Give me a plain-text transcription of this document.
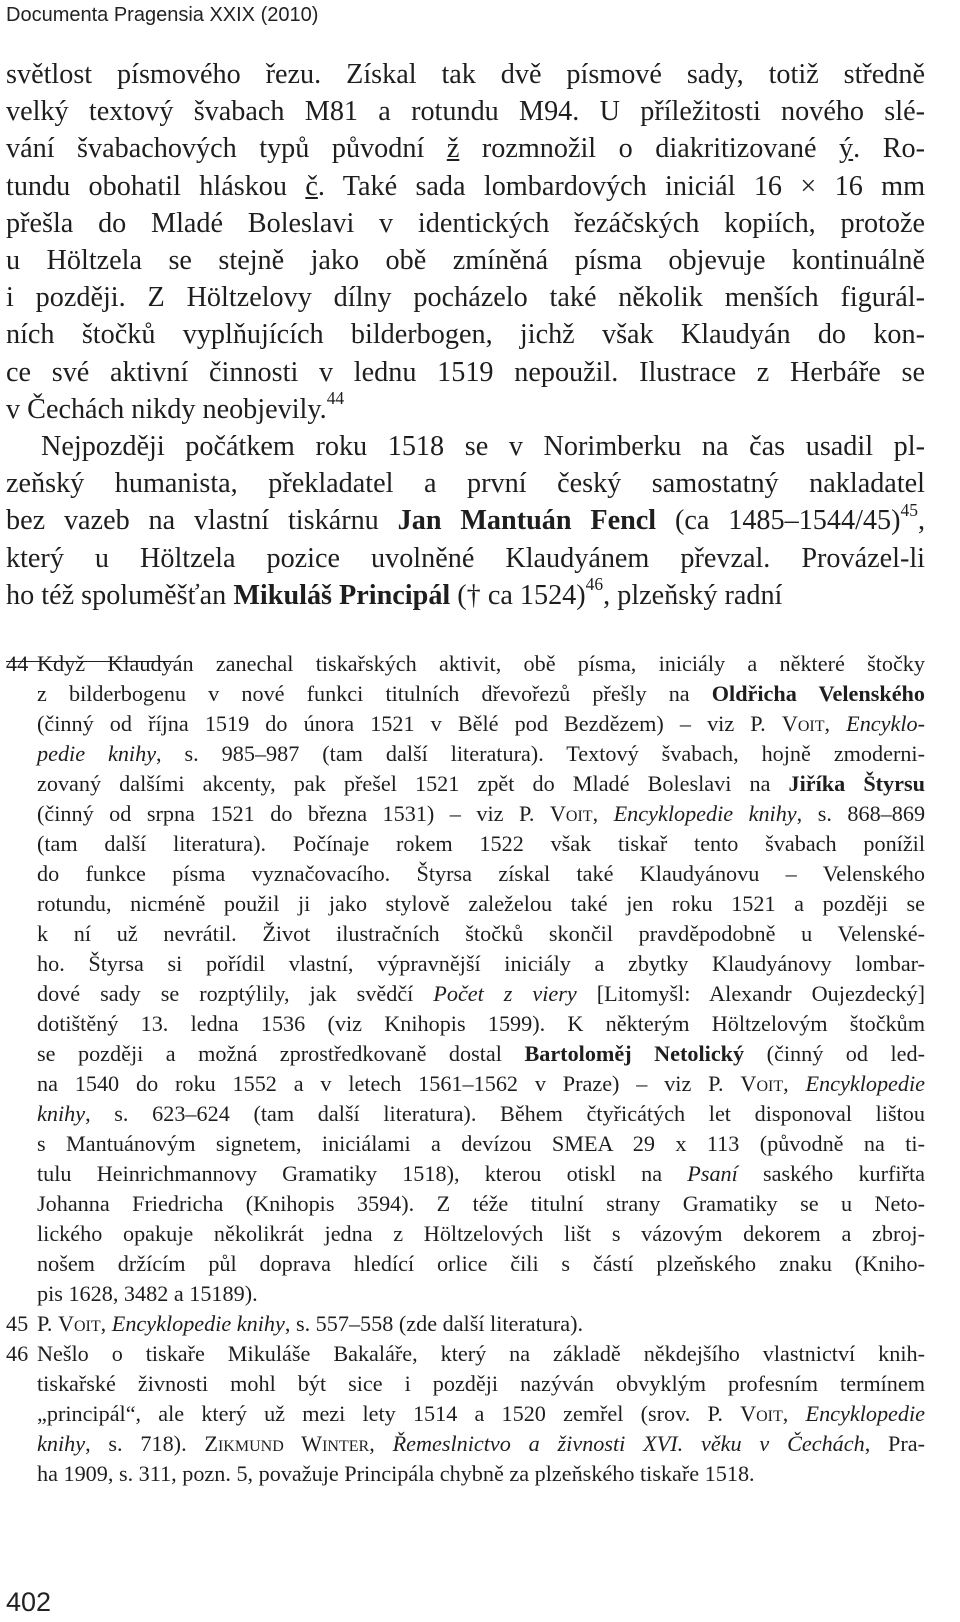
Documenta Pragensia XXIX (2010)
světlost písmového řezu. Získal tak dvě písmové sady, totiž středně
velký textový švabach M81 a rotundu M94. U příležitosti nového slé-
vání švabachových typů původní ž rozmnožil o diakritizované ý. Ro-
tundu obohatil hláskou č. Také sada lombardových iniciál 16 × 16 mm
přešla do Mladé Boleslavi v identických řezáčských kopiích, protože
u Höltzela se stejně jako obě zmíněná písma objevuje kontinuálně
i později. Z Höltzelovy dílny pocházelo také několik menších figurál-
ních štočků vyplňujících bilderbogen, jichž však Klaudyán do kon-
ce své aktivní činnosti v lednu 1519 nepoužil. Ilustrace z Herbáře se
v Čechách nikdy neobjevily.$^{44}$
Nejpozději počátkem roku 1518 se v Norimberku na čas usadil pl-
zeňský humanista, překladatel a první český samostatný nakladatel
bez vazeb na vlastní tiskárnu Jan Mantuán Fencl (ca 1485–1544/45)$^{45}$,
který u Höltzela pozice uvolněné Klaudyánem převzal. Provázel-li
ho též spoluměšťan Mikuláš Principál († ca 1524)$^{46}$, plzeňský radní
44 Když Klaudyán zanechal tiskařských aktivit, obě písma, iniciály a některé štočky
z bilderbogenu v nové funkci titulních dřevořezů přešly na Oldřicha Velenského
(činný od října 1519 do února 1521 v Bělé pod Bezdězem) – viz P. Voit, Encyklo-
pedie knihy, s. 985–987 (tam další literatura). Textový švabach, hojně zmoderni-
zovaný dalšími akcenty, pak přešel 1521 zpět do Mladé Boleslavi na Jiříka Štyrsu
(činný od srpna 1521 do března 1531) – viz P. Voit, Encyklopedie knihy, s. 868–869
(tam další literatura). Počínaje rokem 1522 však tiskař tento švabach ponížil
do funkce písma vyznačovacího. Štyrsa získal také Klaudyánovu – Velenského
rotundu, nicméně použil ji jako stylově zaleželou také jen roku 1521 a později se
k ní už nevrátil. Život ilustračních štočků skončil pravděpodobně u Velenské-
ho. Štyrsa si pořídil vlastní, výpravnější iniciály a zbytky Klaudyánovy lombar-
dové sady se rozptýlily, jak svědčí Počet z viery [Litomyšl: Alexandr Oujezdecký]
dotištěný 13. ledna 1536 (viz Knihopis 1599). K některým Höltzelovým štočkům
se později a možná zprostředkovaně dostal Bartoloměj Netolický (činný od led-
na 1540 do roku 1552 a v letech 1561–1562 v Praze) – viz P. Voit, Encyklopedie
knihy, s. 623–624 (tam další literatura). Během čtyřicátých let disponoval lištou
s Mantuánovým signetem, iniciálami a devízou SMEA 29 x 113 (původně na ti-
tulu Heinrichmannovy Gramatiky 1518), kterou otiskl na Psaní saského kurfiřta
Johanna Friedricha (Knihopis 3594). Z téže titulní strany Gramatiky se u Neto-
lického opakuje několikrát jedna z Höltzelových lišt s vázovým dekorem a zbroj-
nošem držícím půl doprava hledící orlice čili s částí plzeňského znaku (Kniho-
pis 1628, 3482 a 15189).
45 P. Voit, Encyklopedie knihy, s. 557–558 (zde další literatura).
46 Nešlo o tiskaře Mikuláše Bakaláře, který na základě někdejšího vlastnictví knih-
tiskařské živnosti mohl být sice i později nazýván obvyklým profesním termínem
„principál“, ale který už mezi lety 1514 a 1520 zemřel (srov. P. Voit, Encyklopedie
knihy, s. 718). Zikmund Winter, Řemeslnictvo a živnosti XVI. věku v Čechách, Pra-
ha 1909, s. 311, pozn. 5, považuje Principála chybně za plzeňského tiskaře 1518.
402
